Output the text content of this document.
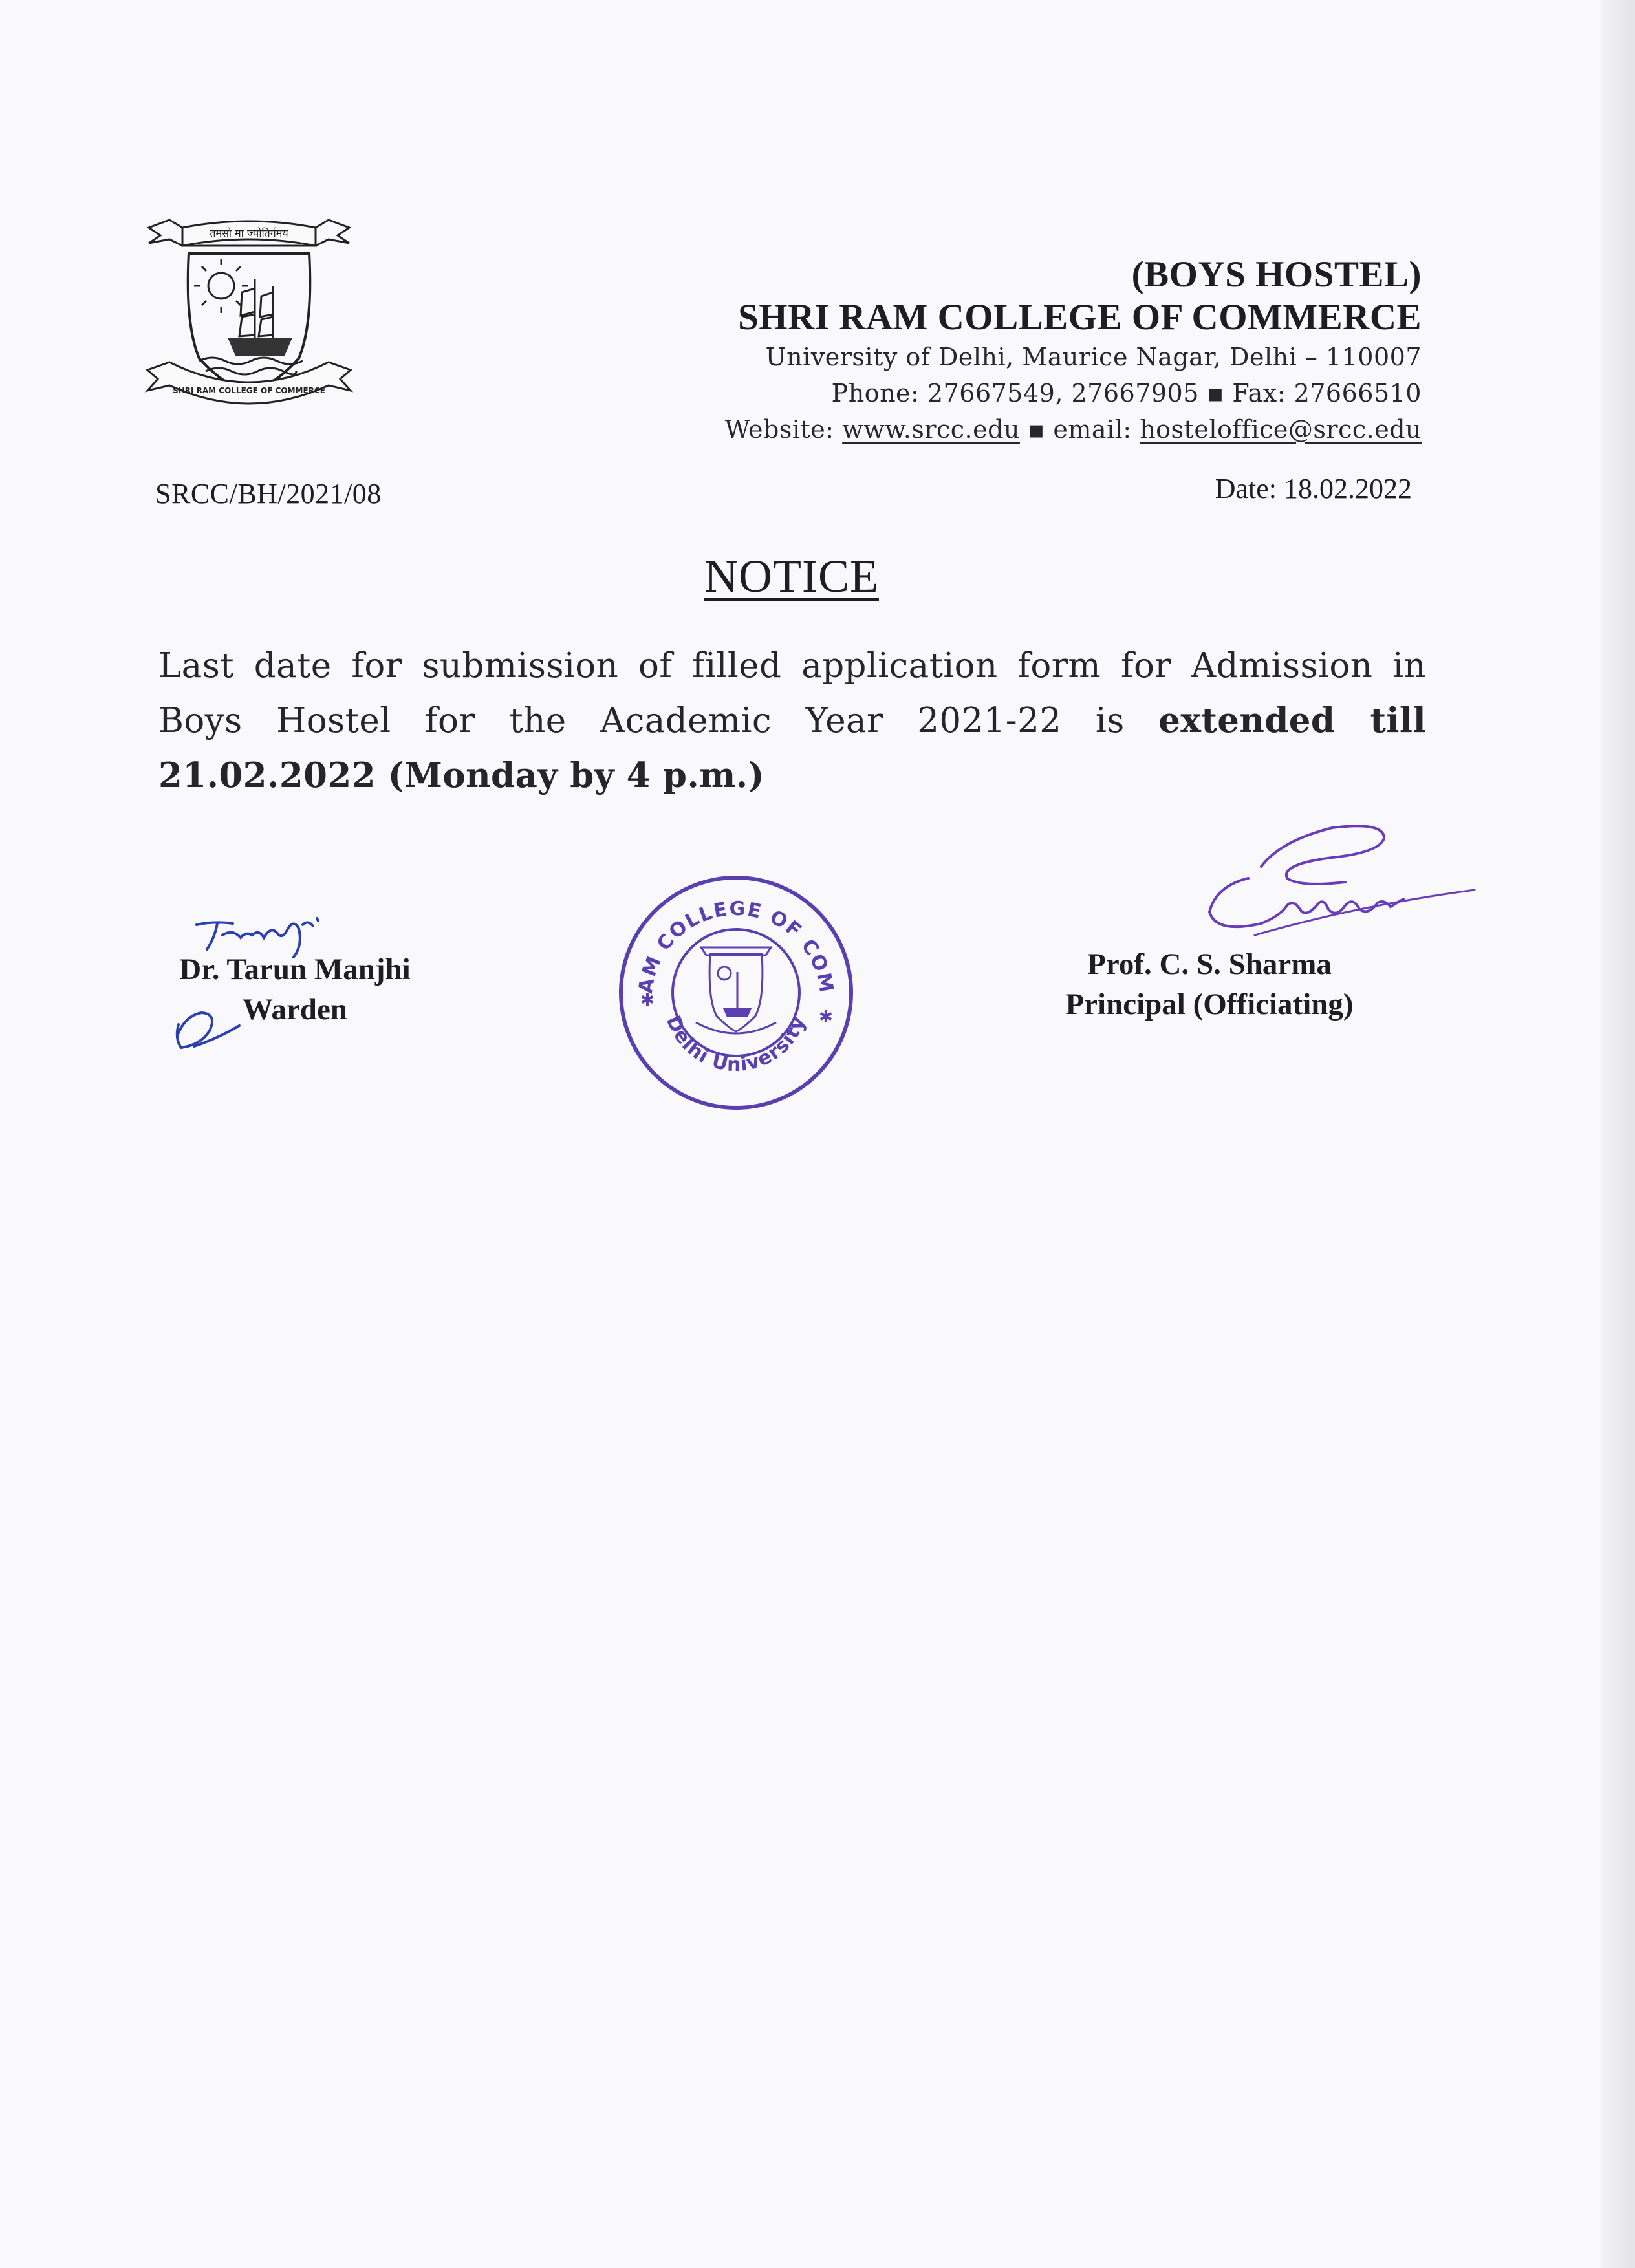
तमसो मा ज्योतिर्गमय
SHRI RAM COLLEGE OF COMMERCE
(BOYS HOSTEL)
SHRI RAM COLLEGE OF COMMERCE
University of Delhi, Maurice Nagar, Delhi – 110007
Phone: 27667549, 27667905 ▪ Fax: 27666510
Website: www.srcc.edu ▪ email: hosteloffice@srcc.edu
SRCC/BH/2021/08	Date: 18.02.2022
NOTICE
Last date for submission of filled application form for Admission in Boys Hostel for the Academic Year 2021-22 is extended till 21.02.2022 (Monday by 4 p.m.)
Dr. Tarun Manjhi
Warden
SHRI RAM COLLEGE OF COMMERCE
Delhi University
✱
✱
Prof. C. S. Sharma
Principal (Officiating)
